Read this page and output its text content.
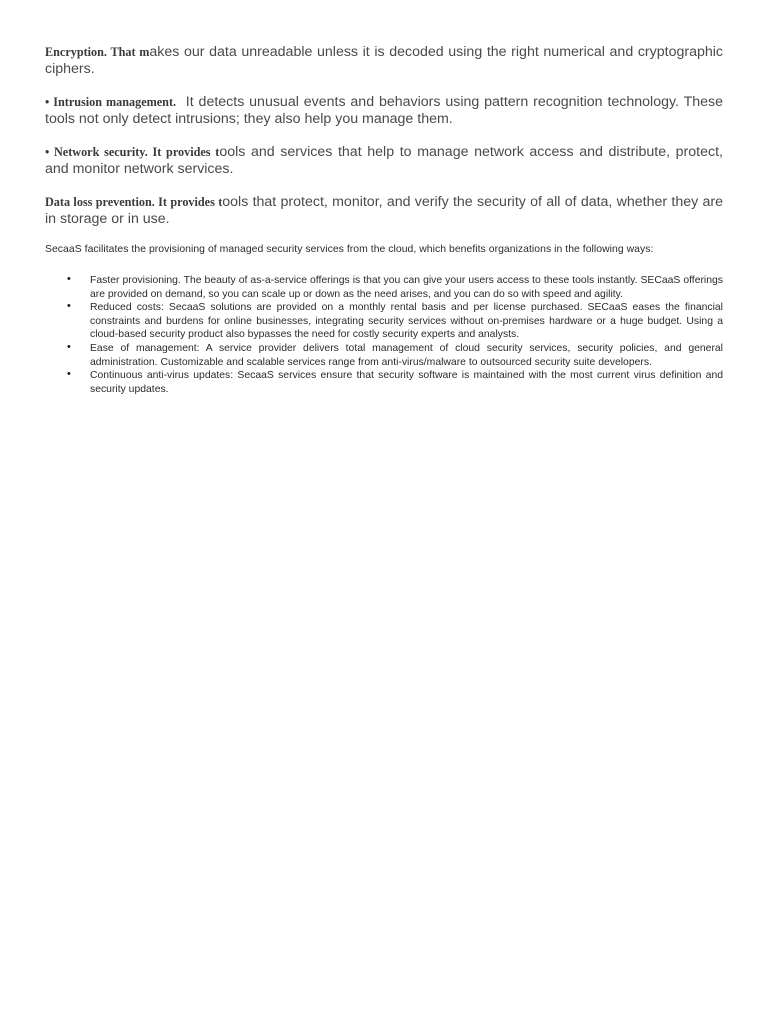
Encryption. That makes our data unreadable unless it is decoded using the right numerical and cryptographic ciphers.

• Intrusion management.  It detects unusual events and behaviors using pattern recognition technology. These tools not only detect intrusions; they also help you manage them.

• Network security. It provides tools and services that help to manage network access and distribute, protect, and monitor network services.

Data loss prevention. It provides tools that protect, monitor, and verify the security of all of data, whether they are in storage or in use.

SecaaS facilitates the provisioning of managed security services from the cloud, which benefits organizations in the following ways:

• Faster provisioning. The beauty of as-a-service offerings is that you can give your users access to these tools instantly. SECaaS offerings are provided on demand, so you can scale up or down as the need arises, and you can do so with speed and agility.
• Reduced costs: SecaaS solutions are provided on a monthly rental basis and per license purchased. SECaaS eases the financial constraints and burdens for online businesses, integrating security services without on-premises hardware or a huge budget. Using a cloud-based security product also bypasses the need for costly security experts and analysts.
• Ease of management: A service provider delivers total management of cloud security services, security policies, and general administration. Customizable and scalable services range from anti-virus/malware to outsourced security suite developers.
• Continuous anti-virus updates: SecaaS services ensure that security software is maintained with the most current virus definition and security updates.
